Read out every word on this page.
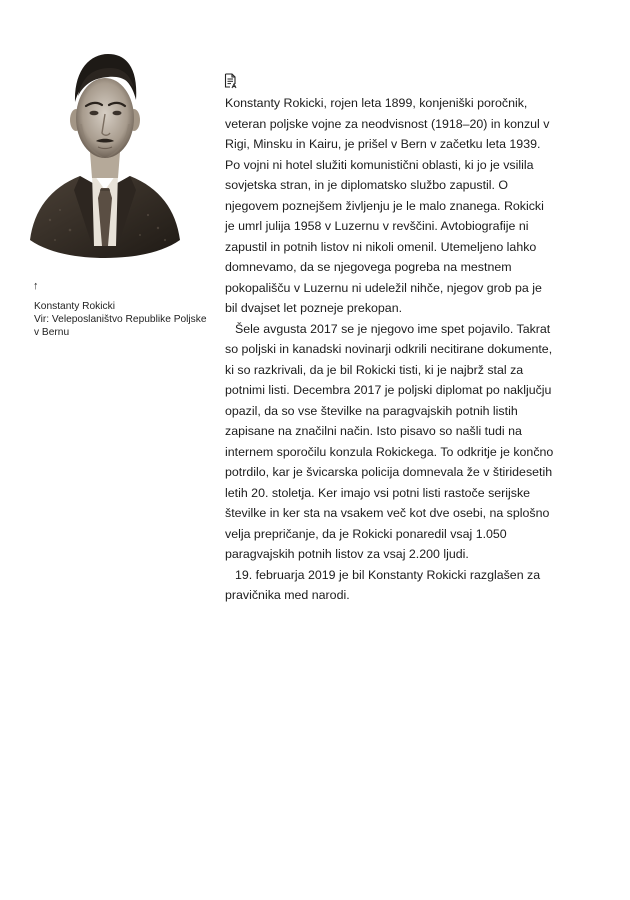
↑
Konstanty Rokicki
Vir: Veleposlaništvo Republike Poljske
v Bernu

Konstanty Rokicki, rojen leta 1899, konjeniški poročnik, veteran poljske vojne za neodvisnost (1918–20) in konzul v Rigi, Minsku in Kairu, je prišel v Bern v začetku leta 1939. Po vojni ni hotel služiti komunistični oblasti, ki jo je vsilila sovjetska stran, in je diplomatsko službo zapustil. O njegovem poznejšem življenju je le malo znanega. Rokicki je umrl julija 1958 v Luzernu v revščini. Avtobiografije ni zapustil in potnih listov ni nikoli omenil. Utemeljeno lahko domnevamo, da se njegovega pogreba na mestnem pokopališču v Luzernu ni udeležil nihče, njegov grob pa je bil dvajset let pozneje prekopan.

Šele avgusta 2017 se je njegovo ime spet pojavilo. Takrat so poljski in kanadski novinarji odkrili necitirane dokumente, ki so razkrivali, da je bil Rokicki tisti, ki je najbrž stal za potnimi listi. Decembra 2017 je poljski diplomat po naključju opazil, da so vse številke na paragvajskih potnih listih zapisane na značilni način. Isto pisavo so našli tudi na internem sporočilu konzula Rokickega. To odkritje je končno potrdilo, kar je švicarska policija domnevala že v štiridesetih letih 20. stoletja. Ker imajo vsi potni listi rastoče serijske številke in ker sta na vsakem več kot dve osebi, na splošno velja prepričanje, da je Rokicki ponaredil vsaj 1.050 paragvajskih potnih listov za vsaj 2.200 ljudi.

19. februarja 2019 je bil Konstanty Rokicki razglašen za pravičnika med narodi.
